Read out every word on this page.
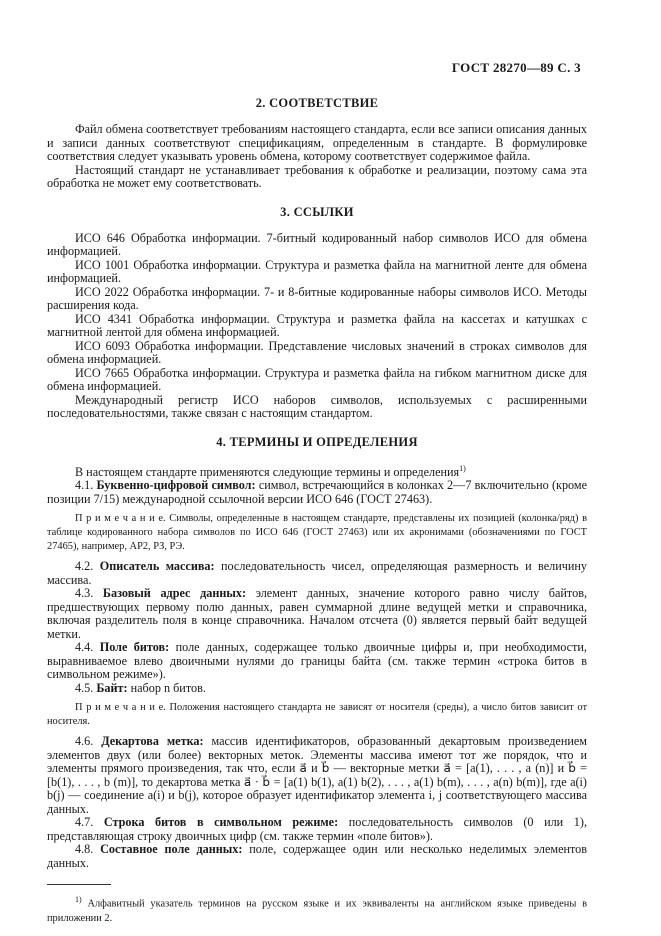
ГОСТ 28270—89 С. 3
2. СООТВЕТСТВИЕ

Файл обмена соответствует требованиям настоящего стандарта, если все записи описания данных и записи данных соответствуют спецификациям, определенным в стандарте. В формулировке соответствия следует указывать уровень обмена, которому соответствует содержимое файла.

Настоящий стандарт не устанавливает требования к обработке и реализации, поэтому сама эта обработка не может ему соответствовать.

3. ССЫЛКИ
ИСО 646 Обработка информации. 7-битный кодированный набор символов ИСО для обмена информацией.
ИСО 1001 Обработка информации. Структура и разметка файла на магнитной ленте для обмена информацией.
ИСО 2022 Обработка информации. 7- и 8-битные кодированные наборы символов ИСО. Методы расширения кода.
ИСО 4341 Обработка информации. Структура и разметка файла на кассетах и катушках с магнитной лентой для обмена информацией.
ИСО 6093 Обработка информации. Представление числовых значений в строках символов для обмена информацией.
ИСО 7665 Обработка информации. Структура и разметка файла на гибком магнитном диске для обмена информацией.

Международный регистр ИСО наборов символов, используемых с расширенными последовательностями, также связан с настоящим стандартом.

4. ТЕРМИНЫ И ОПРЕДЕЛЕНИЯ

В настоящем стандарте применяются следующие термины и определения$^{1)}$

4.1. Буквенно-цифровой символ: символ, встречающийся в колонках 2—7 включительно (кроме позиции 7/15) международной ссылочной версии ИСО 646 (ГОСТ 27463).

П р и м е ч а н и е. Символы, определенные в настоящем стандарте, представлены их позицией (колонка/ряд) в таблице кодированного набора символов по ИСО 646 (ГОСТ 27463) или их акронимами (обозначениями по ГОСТ 27465), например, АР2, РЗ, РЭ.

4.2. Описатель массива: последовательность чисел, определяющая размерность и величину массива.

4.3. Базовый адрес данных: элемент данных, значение которого равно числу байтов, предшествующих первому полю данных, равен суммарной длине ведущей метки и справочника, включая разделитель поля в конце справочника. Началом отсчета (0) является первый байт ведущей метки.

4.4. Поле битов: поле данных, содержащее только двоичные цифры и, при необходимости, выравниваемое влево двоичными нулями до границы байта (см. также термин «строка битов в символьном режиме»).

4.5. Байт: набор n битов.

П р и м е ч а н и е. Положения настоящего стандарта не зависят от носителя (среды), а число битов зависит от носителя.

4.6. Декартова метка: массив идентификаторов, образованный декартовым произведением элементов двух (или более) векторных меток. Элементы массива имеют тот же порядок, что и элементы прямого произведения, так что, если a⃗ и b⃗ — векторные метки a⃗ = [a(1), . . . , a (n)] и b⃗ = [b(1), . . . , b (m)], то декартова метка a⃗ · b⃗ = [a(1) b(1), a(1) b(2), . . . , a(1) b(m), . . . , a(n) b(m)], где a(i) b(j) — соединение a(i) и b(j), которое образует идентификатор элемента i, j соответствующего массива данных.

4.7. Строка битов в символьном режиме: последовательность символов (0 или 1), представляющая строку двоичных цифр (см. также термин «поле битов»).

4.8. Составное поле данных: поле, содержащее один или несколько неделимых элементов данных.

$^{1)}$ Алфавитный указатель терминов на русском языке и их эквиваленты на английском языке приведены в приложении 2.
